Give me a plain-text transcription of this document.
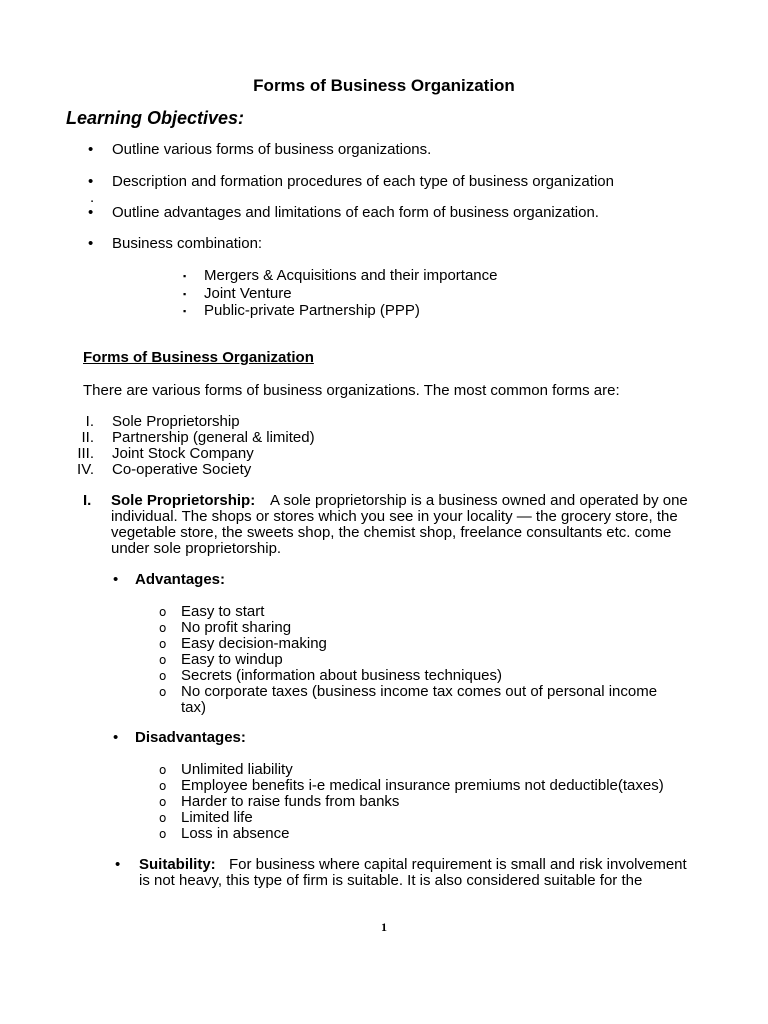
Forms of Business Organization
Learning Objectives:
• Outline various forms of business organizations.
• Description and formation procedures of each type of business organization
.
• Outline advantages and limitations of each form of business organization.
• Business combination:
▪ Mergers & Acquisitions and their importance
▪ Joint Venture
▪ Public-private Partnership (PPP)
Forms of Business Organization
There are various forms of business organizations. The most common forms are:
I. Sole Proprietorship
II. Partnership (general & limited)
III. Joint Stock Company
IV. Co-operative Society
I. Sole Proprietorship: A sole proprietorship is a business owned and operated by one
individual. The shops or stores which you see in your locality — the grocery store, the
vegetable store, the sweets shop, the chemist shop, freelance consultants etc. come
under sole proprietorship.
• Advantages:
o Easy to start
o No profit sharing
o Easy decision-making
o Easy to windup
o Secrets (information about business techniques)
o No corporate taxes (business income tax comes out of personal income
tax)
• Disadvantages:
o Unlimited liability
o Employee benefits i-e medical insurance premiums not deductible(taxes)
o Harder to raise funds from banks
o Limited life
o Loss in absence
• Suitability: For business where capital requirement is small and risk involvement
is not heavy, this type of firm is suitable. It is also considered suitable for the
1
